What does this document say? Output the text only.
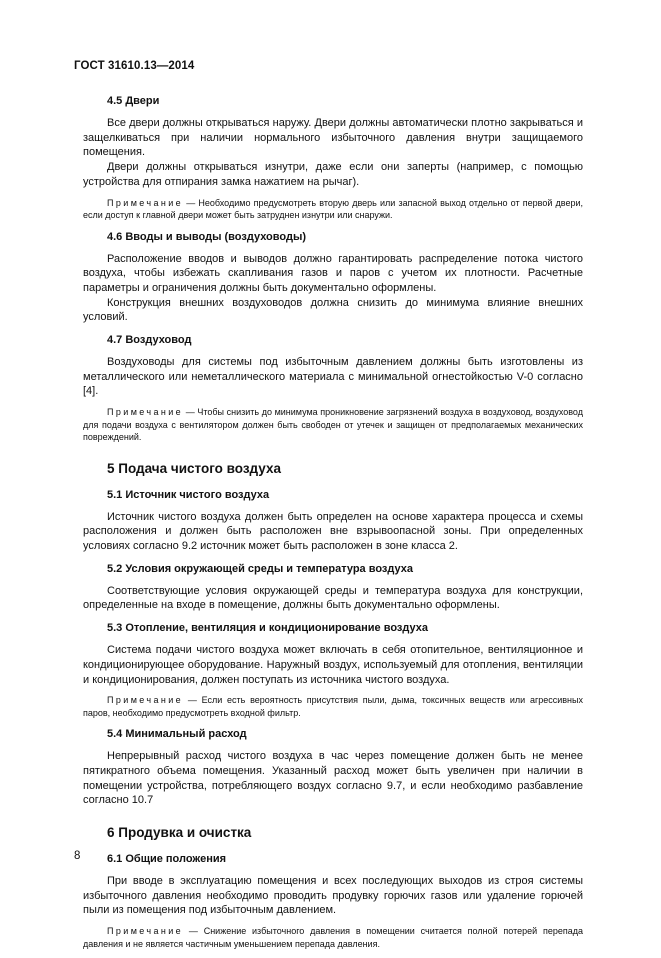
ГОСТ 31610.13—2014
4.5 Двери

Все двери должны открываться наружу. Двери должны автоматически плотно закрываться и защелкиваться при наличии нормального избыточного давления внутри защищаемого помещения.

Двери должны открываться изнутри, даже если они заперты (например, с помощью устройства для отпирания замка нажатием на рычаг).

Примечание — Необходимо предусмотреть вторую дверь или запасной выход отдельно от первой двери, если доступ к главной двери может быть затруднен изнутри или снаружи.

4.6 Вводы и выводы (воздуховоды)

Расположение вводов и выводов должно гарантировать распределение потока чистого воздуха, чтобы избежать скапливания газов и паров с учетом их плотности. Расчетные параметры и ограничения должны быть документально оформлены.

Конструкция внешних воздуховодов должна снизить до минимума влияние внешних условий.

4.7 Воздуховод

Воздуховоды для системы под избыточным давлением должны быть изготовлены из металлического или неметаллического материала с минимальной огнестойкостью V-0 согласно [4].

Примечание — Чтобы снизить до минимума проникновение загрязнений воздуха в воздуховод, воздуховод для подачи воздуха с вентилятором должен быть свободен от утечек и защищен от предполагаемых механических повреждений.

5 Подача чистого воздуха
5.1 Источник чистого воздуха

Источник чистого воздуха должен быть определен на основе характера процесса и схемы расположения и должен быть расположен вне взрывоопасной зоны. При определенных условиях согласно 9.2 источник может быть расположен в зоне класса 2.

5.2 Условия окружающей среды и температура воздуха

Соответствующие условия окружающей среды и температура воздуха для конструкции, определенные на входе в помещение, должны быть документально оформлены.

5.3 Отопление, вентиляция и кондиционирование воздуха

Система подачи чистого воздуха может включать в себя отопительное, вентиляционное и кондиционирующее оборудование. Наружный воздух, используемый для отопления, вентиляции и кондиционирования, должен поступать из источника чистого воздуха.

Примечание — Если есть вероятность присутствия пыли, дыма, токсичных веществ или агрессивных паров, необходимо предусмотреть входной фильтр.

5.4 Минимальный расход

Непрерывный расход чистого воздуха в час через помещение должен быть не менее пятикратного объема помещения. Указанный расход может быть увеличен при наличии в помещении устройства, потребляющего воздух согласно 9.7, и если необходимо разбавление согласно 10.7

6 Продувка и очистка
6.1 Общие положения

При вводе в эксплуатацию помещения и всех последующих выходов из строя системы избыточного давления необходимо проводить продувку горючих газов или удаление горючей пыли из помещения под избыточным давлением.

Примечание — Снижение избыточного давления в помещении считается полной потерей перепада давления и не является частичным уменьшением перепада давления.

8
